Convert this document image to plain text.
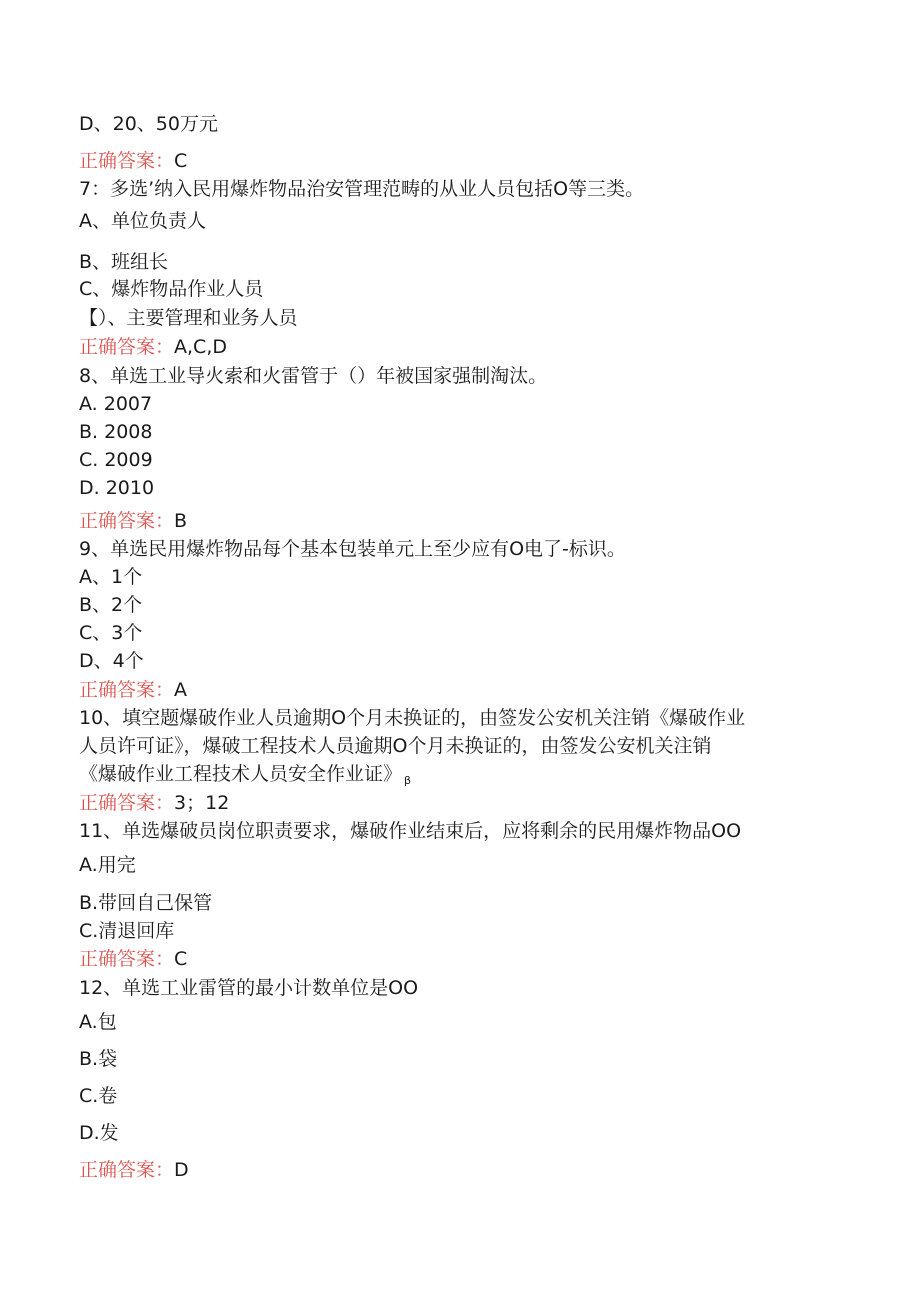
D、20、50万元
正确答案：C
7：多选’纳入民用爆炸物品治安管理范畴的从业人员包括O等三类。
A、单位负责人
B、班组长
C、爆炸物品作业人员
【）、主要管理和业务人员
正确答案：A,C,D
8、单选工业导火索和火雷管于（）年被国家强制淘汰。
A. 2007
B. 2008
C. 2009
D. 2010
正确答案：B
9、单选民用爆炸物品每个基本包装单元上至少应有O电了-标识。
A、1个
B、2个
C、3个
D、4个
正确答案：A
10、填空题爆破作业人员逾期O个月未换证的，由签发公安机关注销《爆破作业
人员许可证》，爆破工程技术人员逾期O个月未换证的，由签发公安机关注销
《爆破作业工程技术人员安全作业证》 $_\beta$
正确答案：3；12
11、单选爆破员岗位职责要求，爆破作业结束后，应将剩余的民用爆炸物品OO
A.用完
B.带回自己保管
C.清退回库
正确答案：C
12、单选工业雷管的最小计数单位是OO
A.包
B.袋
C.卷
D.发
正确答案：D
